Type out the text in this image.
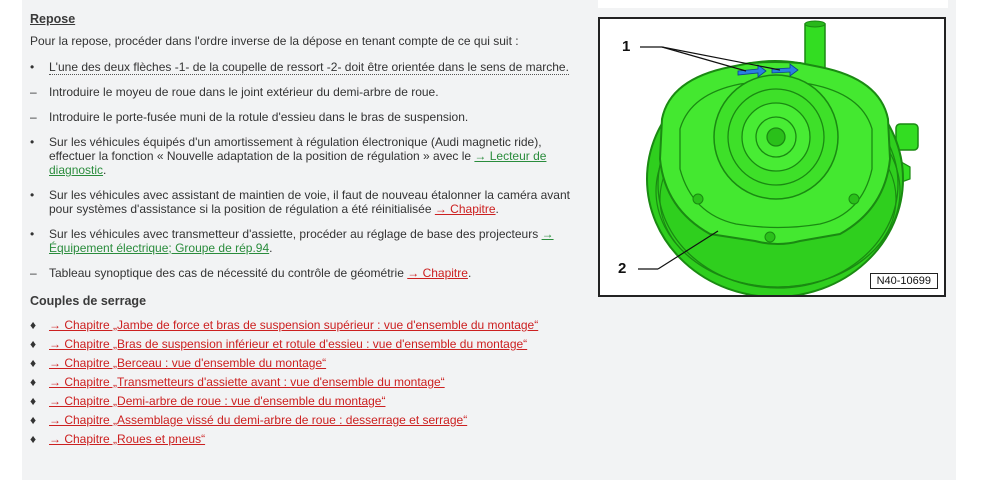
Repose

Pour la repose, procéder dans l'ordre inverse de la dépose en tenant compte de ce qui suit :

•	L'une des deux flèches -1- de la coupelle de ressort -2- doit être orientée dans le sens de marche.
–	Introduire le moyeu de roue dans le joint extérieur du demi-arbre de roue.
–	Introduire le porte-fusée muni de la rotule d'essieu dans le bras de suspension.
•	Sur les véhicules équipés d'un amortissement à régulation électronique (Audi magnetic ride), effectuer la fonction « Nouvelle adaptation de la position de régulation » avec le → Lecteur de diagnostic.
•	Sur les véhicules avec assistant de maintien de voie, il faut de nouveau étalonner la caméra avant pour systèmes d'assistance si la position de régulation a été réinitialisée → Chapitre.
•	Sur les véhicules avec transmetteur d'assiette, procéder au réglage de base des projecteurs → Équipement électrique; Groupe de rép.94.
–	Tableau synoptique des cas de nécessité du contrôle de géométrie → Chapitre.
Couples de serrage
♦ → Chapitre „Jambe de force et bras de suspension supérieur : vue d'ensemble du montage“
♦ → Chapitre „Bras de suspension inférieur et rotule d'essieu : vue d'ensemble du montage“
♦ → Chapitre „Berceau : vue d'ensemble du montage“
♦ → Chapitre „Transmetteurs d'assiette avant : vue d'ensemble du montage“
♦ → Chapitre „Demi-arbre de roue : vue d'ensemble du montage“
♦ → Chapitre „Assemblage vissé du demi-arbre de roue : desserrage et serrage“
♦ → Chapitre „Roues et pneus“
1
2
N40-10699
